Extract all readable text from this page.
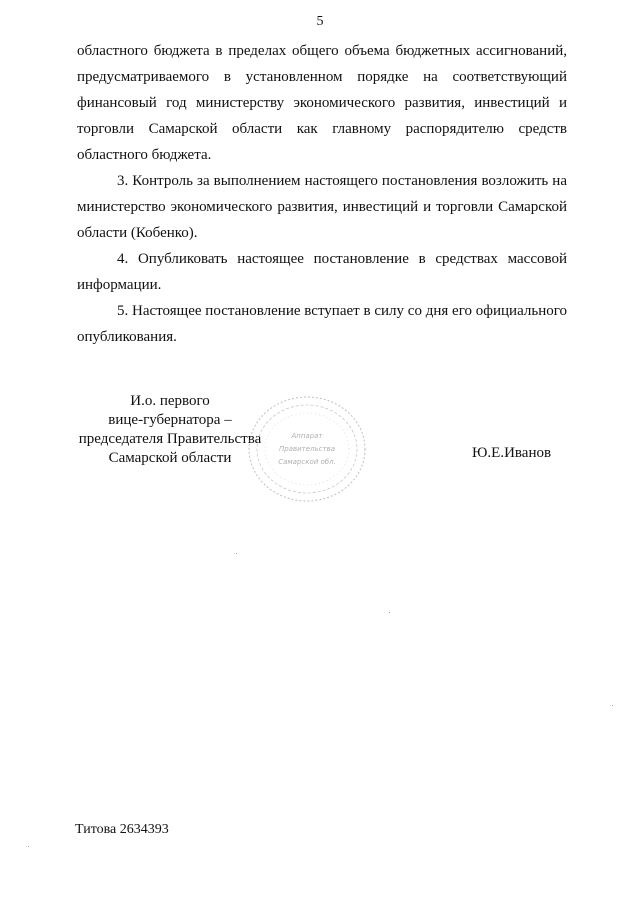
5

областного бюджета в пределах общего объема бюджетных ассигнований, предусматриваемого в установленном порядке на соответствующий финансовый год министерству экономического развития, инвестиций и торговли Самарской области как главному распорядителю средств областного бюджета.

3. Контроль за выполнением настоящего постановления возложить на министерство экономического развития, инвестиций и торговли Самарской области (Кобенко).

4. Опубликовать настоящее постановление в средствах массовой информации.

5. Настоящее постановление вступает в силу со дня его официального опубликования.

И.о. первого
вице-губернатора –
председателя Правительства
Самарской области
Аппарат
Правительства
Самарской обл.
Ю.Е.Иванов
Титова 2634393
